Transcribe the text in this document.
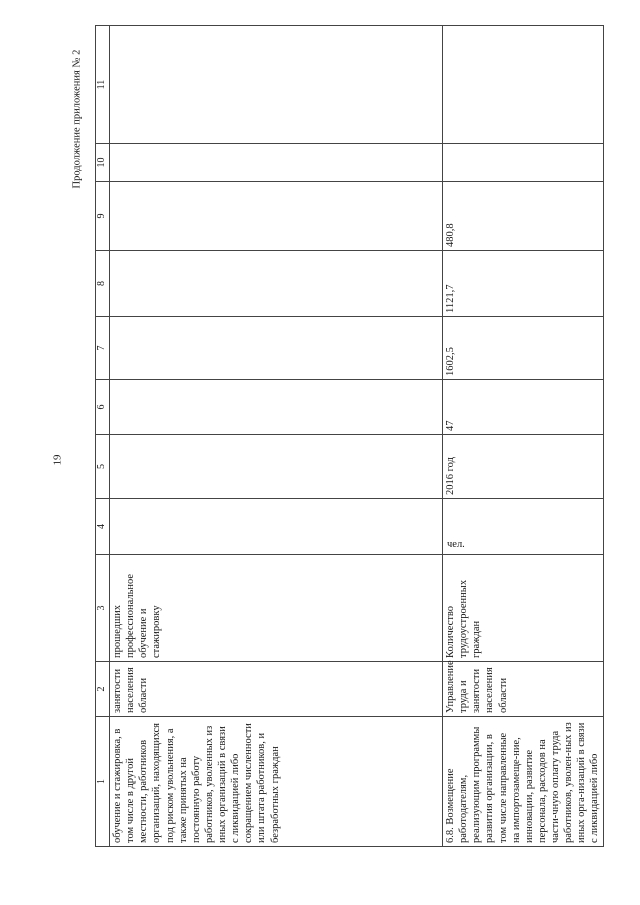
19
Продолжение приложения № 2
1	2	3	4	5	6	7	8	9	10	11
обучение и стажировка, в том числе в другой местности, работников организаций, находящихся под риском увольнения, а также принятых на постоянную работу работников, уволенных из иных организаций в связи с ликвидацией либо сокращением численности или штата работников, и безработных граждан	занятости населения области	прошедших профессиональное обучение и стажировку								
6.8. Возмещение работодателям, реализующим программы развития организации, в том числе направленные на импортозамеще-ние, инновации, развитие персонала, расходов на части-чную оплату труда работников, уволен-ных из иных орга-низаций в связи с ликвидацией либо	Управление труда и занятости населения области	Количество трудоустроенных граждан	чел.	2016 год	47	1602,5	1121,7	480,8		
